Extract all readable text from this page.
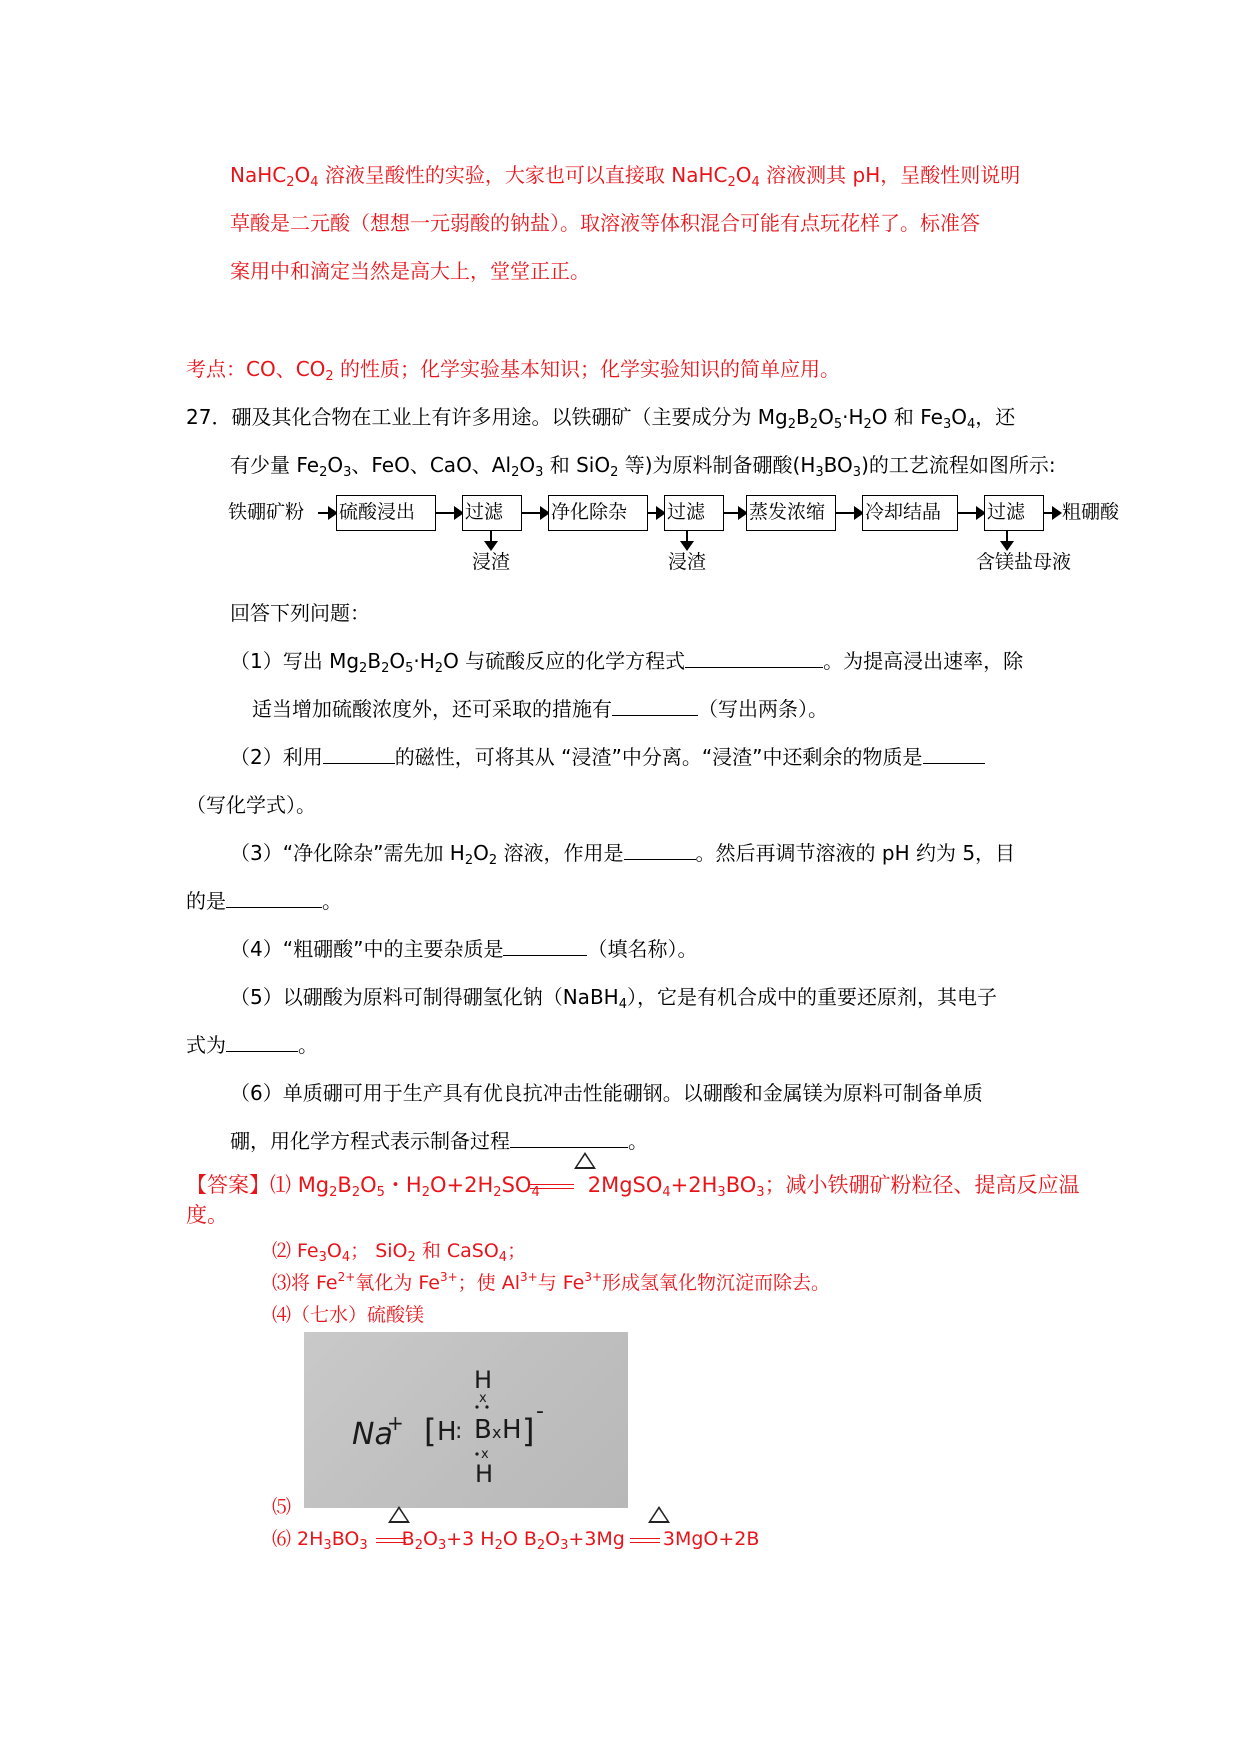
$NaHC_2O_4$ 溶液呈酸性的实验，大家也可以直接取 $NaHC_2O_4$ 溶液测其 pH，呈酸性则说明
草酸是二元酸（想想一元弱酸的钠盐）。取溶液等体积混合可能有点玩花样了。标准答
案用中和滴定当然是高大上，堂堂正正。
考点：CO、$CO_2$ 的性质；化学实验基本知识；化学实验知识的简单应用。
27．硼及其化合物在工业上有许多用途。以铁硼矿（主要成分为 $Mg_2B_2O_5\cdot H_2O$ 和 $Fe_3O_4$，还
有少量 $Fe_2O_3$、FeO、CaO、$Al_2O_3$ 和 SiO$_2$ 等)为原料制备硼酸$(H_3BO_3)$的工艺流程如图所示:
铁硼矿粉 硫酸浸出	过滤	净化除杂	过滤	蒸发浓缩	冷却结晶	过滤	粗硼酸
浸渣	浸渣	含镁盐母液
回答下列问题：
（1）写出 $Mg_2B_2O_5\cdot H_2O$ 与硫酸反应的化学方程式	。为提高浸出速率，除
适当增加硫酸浓度外，还可采取的措施有	（写出两条）。
（2）利用	的磁性，可将其从 “浸渣”中分离。“浸渣”中还剩余的物质是
（写化学式）。
（3）“净化除杂”需先加 $H_2O_2$ 溶液，作用是	。然后再调节溶液的 pH 约为 5，目
的是	。
（4）“粗硼酸”中的主要杂质是	（填名称）。
（5）以硼酸为原料可制得硼氢化钠（NaBH$_4$），它是有机合成中的重要还原剂，其电子
式为	。
（6）单质硼可用于生产具有优良抗冲击性能硼钢。以硼酸和金属镁为原料可制备单质
硼，用化学方程式表示制备过程	。
【答案】⑴ $Mg_2B_2O_5$・$H_2O+2H_2SO_4$ $2MgSO_4+2H_3BO_3$；减小铁硼矿粉粒径、提高反应温
度。
⑵ $Fe_3O_4$； SiO$_2$ 和 CaSO$_4$；
⑶将 $Fe^{2+}$氧化为 $Fe^{3+}$；使 $Al^{3+}$与 $Fe^{3+}$形成氢氧化物沉淀而除去。
⑷（七水）硫酸镁
Na
+ [ H
: B x H ]
-
H
x
x
H
⑸
⑹ $2H_3BO_3$ $B_2O_3+3$ $H_2O$ $B_2O_3+3Mg$ 3MgO+2B
